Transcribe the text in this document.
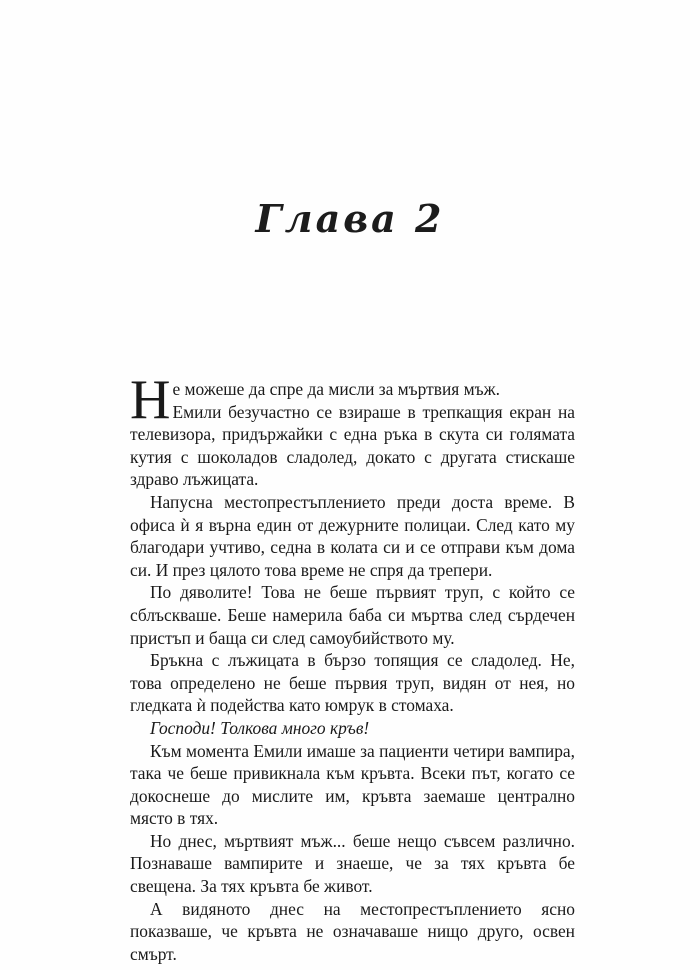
Глава 2

Не можеше да спре да мисли за мъртвия мъж.

Емили безучастно се взираше в трепкащия екран на телевизора, придържайки с една ръка в скута си голямата кутия с шоколадов сладолед, докато с другата стискаше здраво лъжицата.

Напусна местопрестъплението преди доста време. В офиса ѝ я върна един от дежурните полицаи. След като му благодари учтиво, седна в колата си и се отправи към дома си. И през цялото това време не спря да трепери.

По дяволите! Това не беше първият труп, с който се сблъскваше. Беше намерила баба си мъртва след сърдечен пристъп и баща си след самоубийството му.

Бръкна с лъжицата в бързо топящия се сладолед. Не, това определено не беше първия труп, видян от нея, но гледката ѝ подейства като юмрук в стомаха.

Господи! Толкова много кръв!

Към момента Емили имаше за пациенти четири вампира, така че беше привикнала към кръвта. Всеки път, когато се докоснеше до мислите им, кръвта заемаше централно място в тях.

Но днес, мъртвият мъж... беше нещо съвсем различно. Познаваше вампирите и знаеше, че за тях кръвта бе свещена. За тях кръвта бе живот.

А видяното днес на местопрестъплението ясно показваше, че кръвта не означаваше нищо друго, освен смърт.
